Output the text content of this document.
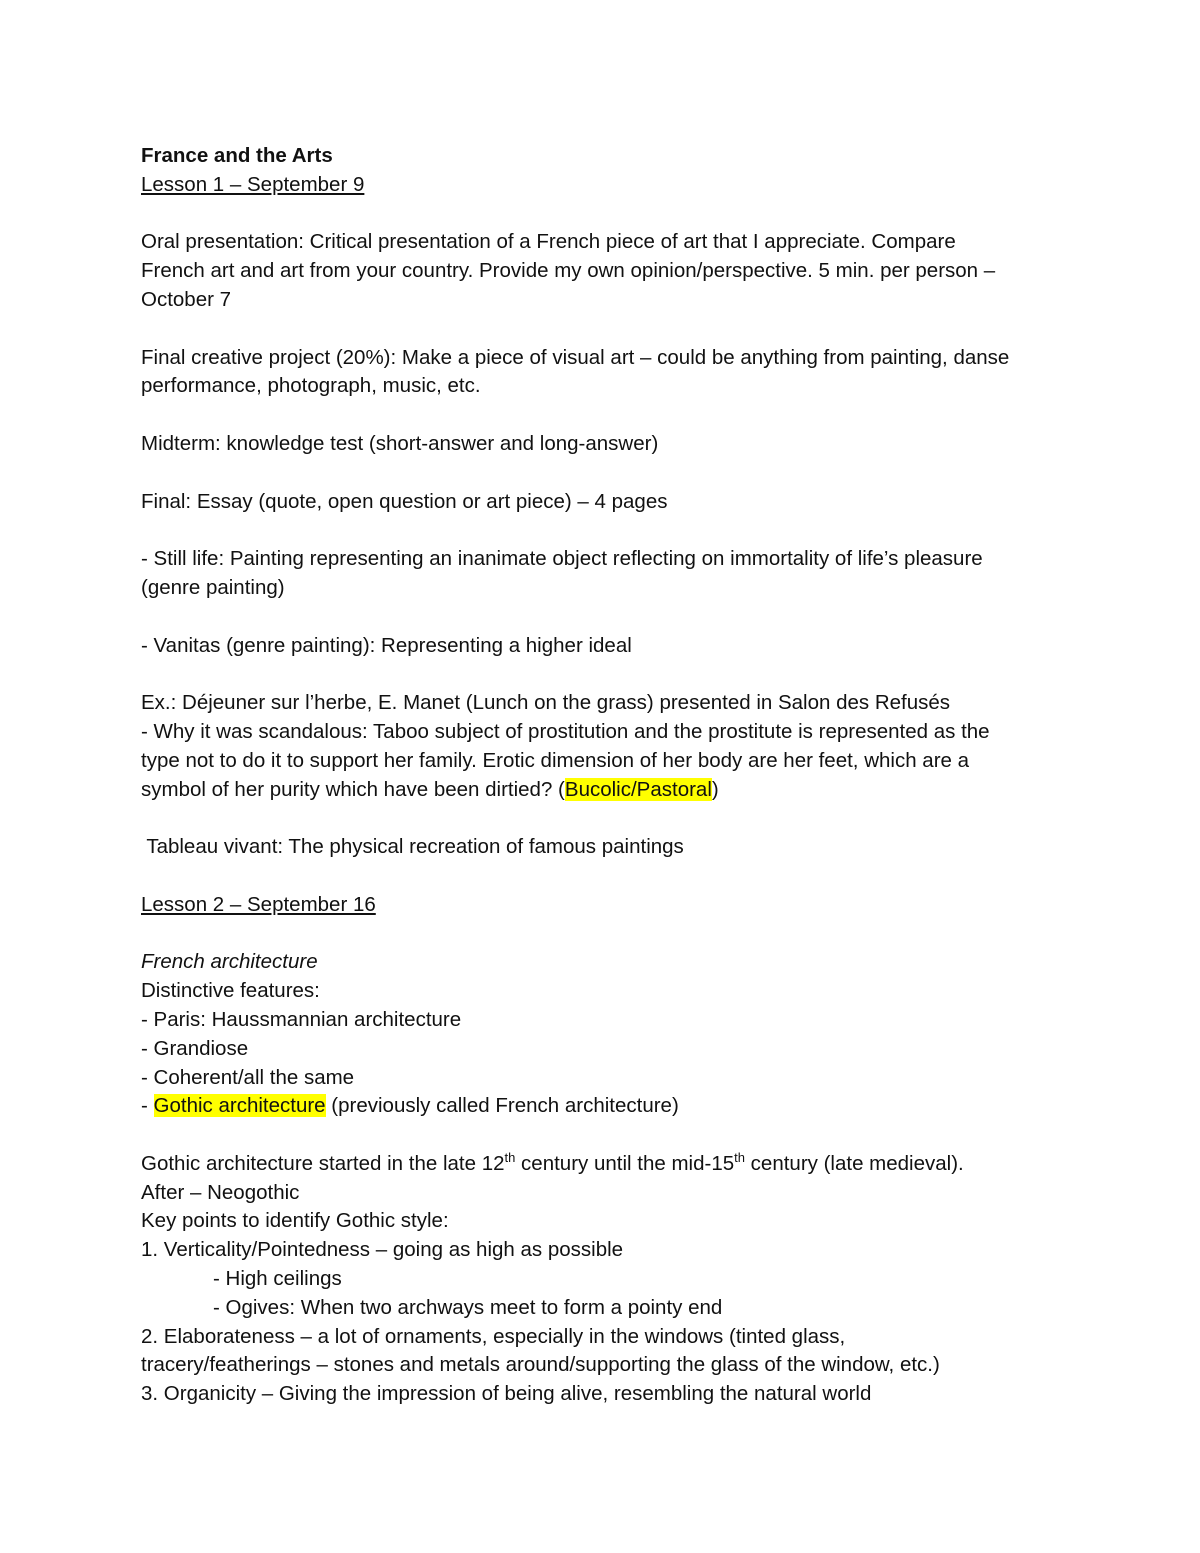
France and the Arts
Lesson 1 – September 9
Oral presentation: Critical presentation of a French piece of art that I appreciate. Compare
French art and art from your country. Provide my own opinion/perspective. 5 min. per person –
October 7
Final creative project (20%): Make a piece of visual art – could be anything from painting, danse
performance, photograph, music, etc.
Midterm: knowledge test (short-answer and long-answer)
Final: Essay (quote, open question or art piece) – 4 pages
- Still life: Painting representing an inanimate object reflecting on immortality of life’s pleasure
(genre painting)
- Vanitas (genre painting): Representing a higher ideal
Ex.: Déjeuner sur l’herbe, E. Manet (Lunch on the grass) presented in Salon des Refusés
- Why it was scandalous: Taboo subject of prostitution and the prostitute is represented as the
type not to do it to support her family. Erotic dimension of her body are her feet, which are a
symbol of her purity which have been dirtied? (Bucolic/Pastoral)
Tableau vivant: The physical recreation of famous paintings
Lesson 2 – September 16
French architecture
Distinctive features:
- Paris: Haussmannian architecture
- Grandiose
- Coherent/all the same
- Gothic architecture (previously called French architecture)
Gothic architecture started in the late 12th century until the mid-15th century (late medieval).
After – Neogothic
Key points to identify Gothic style:
1. Verticality/Pointedness – going as high as possible
- High ceilings
- Ogives: When two archways meet to form a pointy end
2. Elaborateness – a lot of ornaments, especially in the windows (tinted glass,
tracery/featherings – stones and metals around/supporting the glass of the window, etc.)
3. Organicity – Giving the impression of being alive, resembling the natural world
